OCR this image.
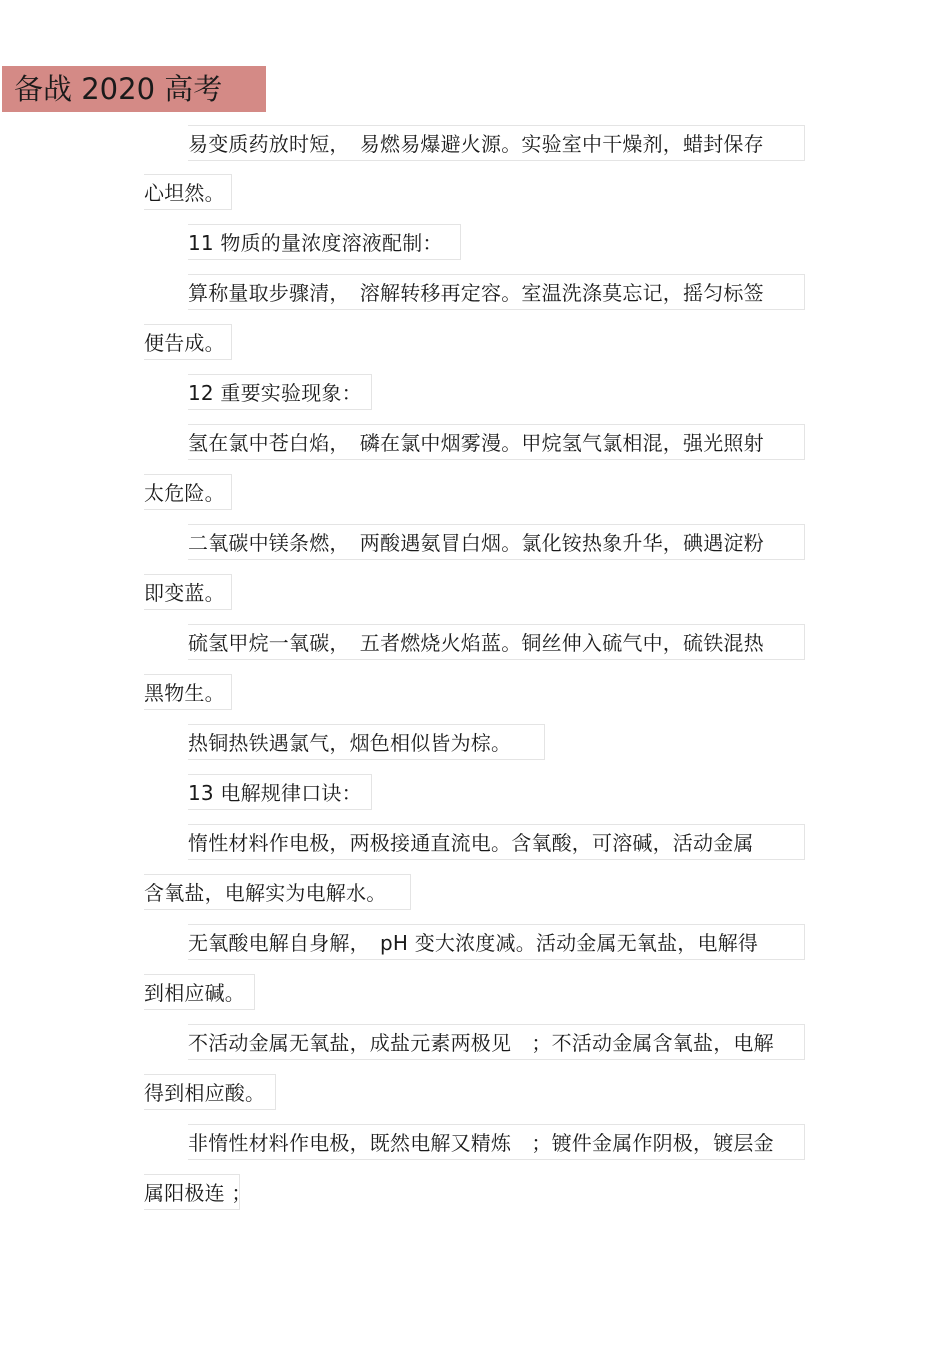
备战 2020 高考
易变质药放时短，　易燃易爆避火源。实验室中干燥剂，蜡封保存
心坦然。
11 物质的量浓度溶液配制：
算称量取步骤清，　溶解转移再定容。室温洗涤莫忘记，摇匀标签
便告成。
12 重要实验现象：
氢在氯中苍白焰，　磷在氯中烟雾漫。甲烷氢气氯相混，强光照射
太危险。
二氧碳中镁条燃，　两酸遇氨冒白烟。氯化铵热象升华，碘遇淀粉
即变蓝。
硫氢甲烷一氧碳，　五者燃烧火焰蓝。铜丝伸入硫气中，硫铁混热
黑物生。
热铜热铁遇氯气，烟色相似皆为棕。
13 电解规律口诀：
惰性材料作电极，两极接通直流电。含氧酸，可溶碱，活动金属
含氧盐，电解实为电解水。
无氧酸电解自身解，　pH 变大浓度减。活动金属无氧盐，电解得
到相应碱。
不活动金属无氧盐，成盐元素两极见　；不活动金属含氧盐，电解
得到相应酸。
非惰性材料作电极，既然电解又精炼　；镀件金属作阴极，镀层金
属阳极连 ；
